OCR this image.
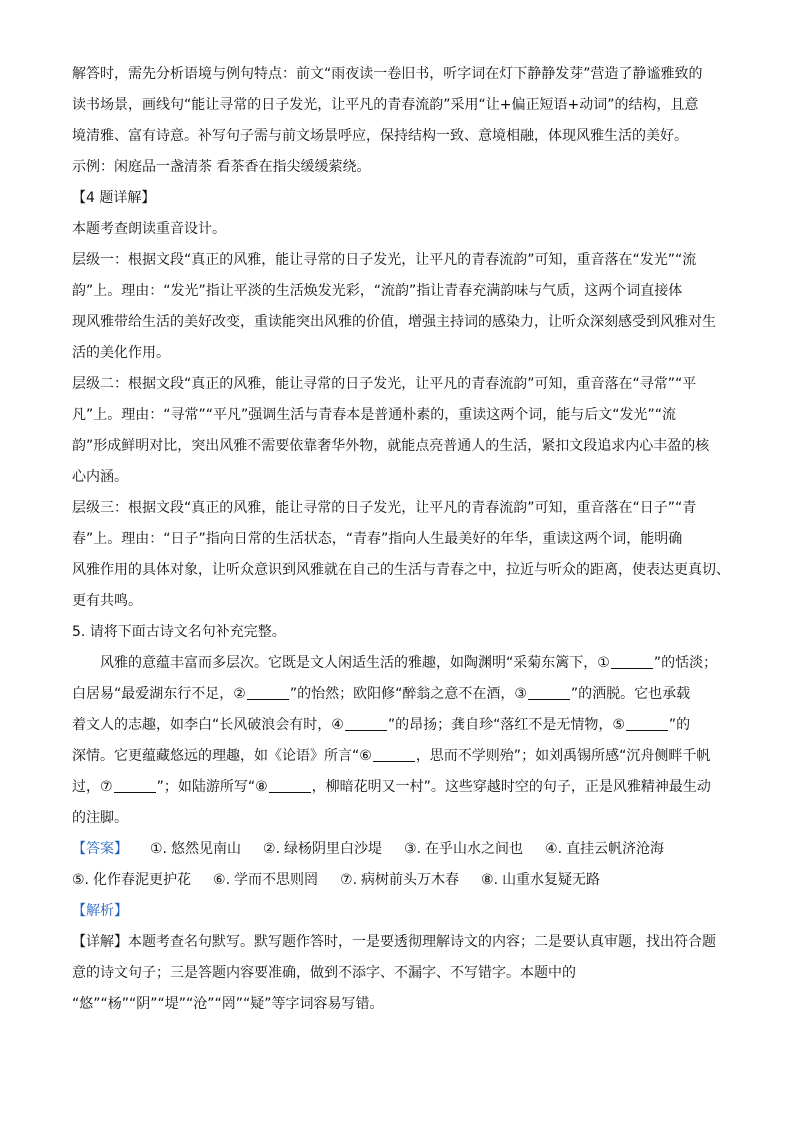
解答时，需先分析语境与例句特点：前文“雨夜读一卷旧书，听字词在灯下静静发芽”营造了静谧雅致的

读书场景，画线句“能让寻常的日子发光，让平凡的青春流韵”采用“让+偏正短语+动词”的结构，且意

境清雅、富有诗意。补写句子需与前文场景呼应，保持结构一致、意境相融，体现风雅生活的美好。

示例：闲庭品一盏清茶 看茶香在指尖缓缓萦绕。

【4 题详解】

本题考查朗读重音设计。

层级一：根据文段“真正的风雅，能让寻常的日子发光，让平凡的青春流韵”可知，重音落在“发光”“流

韵”上。理由：“发光”指让平淡的生活焕发光彩，“流韵”指让青春充满韵味与气质，这两个词直接体

现风雅带给生活的美好改变，重读能突出风雅的价值，增强主持词的感染力，让听众深刻感受到风雅对生

活的美化作用。

层级二：根据文段“真正的风雅，能让寻常的日子发光，让平凡的青春流韵”可知，重音落在“寻常”“平

凡”上。理由：“寻常”“平凡”强调生活与青春本是普通朴素的，重读这两个词，能与后文“发光”“流

韵”形成鲜明对比，突出风雅不需要依靠奢华外物，就能点亮普通人的生活，紧扣文段追求内心丰盈的核

心内涵。

层级三：根据文段“真正的风雅，能让寻常的日子发光，让平凡的青春流韵”可知，重音落在“日子”“青

春”上。理由：“日子”指向日常的生活状态，“青春”指向人生最美好的年华，重读这两个词，能明确

风雅作用的具体对象，让听众意识到风雅就在自己的生活与青春之中，拉近与听众的距离，使表达更真切、

更有共鸣。

5. 请将下面古诗文名句补充完整。

风雅的意蕴丰富而多层次。它既是文人闲适生活的雅趣，如陶渊明“采菊东篱下，①	”的恬淡；

白居易“最爱湖东行不足，②	”的怡然；欧阳修“醉翁之意不在酒，③	”的洒脱。它也承载

着文人的志趣，如李白“长风破浪会有时，④	”的昂扬；龚自珍“落红不是无情物，⑤	”的

深情。它更蕴藏悠远的理趣，如《论语》所言“⑥	，思而不学则殆”；如刘禹锡所感“沉舟侧畔千帆

过，⑦	”；如陆游所写“⑧	，柳暗花明又一村”。这些穿越时空的句子，正是风雅精神最生动

的注脚。

【答案】 ①. 悠然见南山 ②. 绿杨阴里白沙堤 ③. 在乎山水之间也 ④. 直挂云帆济沧海
⑤. 化作春泥更护花 ⑥. 学而不思则罔 ⑦. 病树前头万木春 ⑧. 山重水复疑无路

【解析】

【详解】本题考查名句默写。默写题作答时，一是要透彻理解诗文的内容；二是要认真审题，找出符合题

意的诗文句子；三是答题内容要准确，做到不添字、不漏字、不写错字。本题中的

“悠”“杨”“阴”“堤”“沧”“罔”“疑”等字词容易写错。
